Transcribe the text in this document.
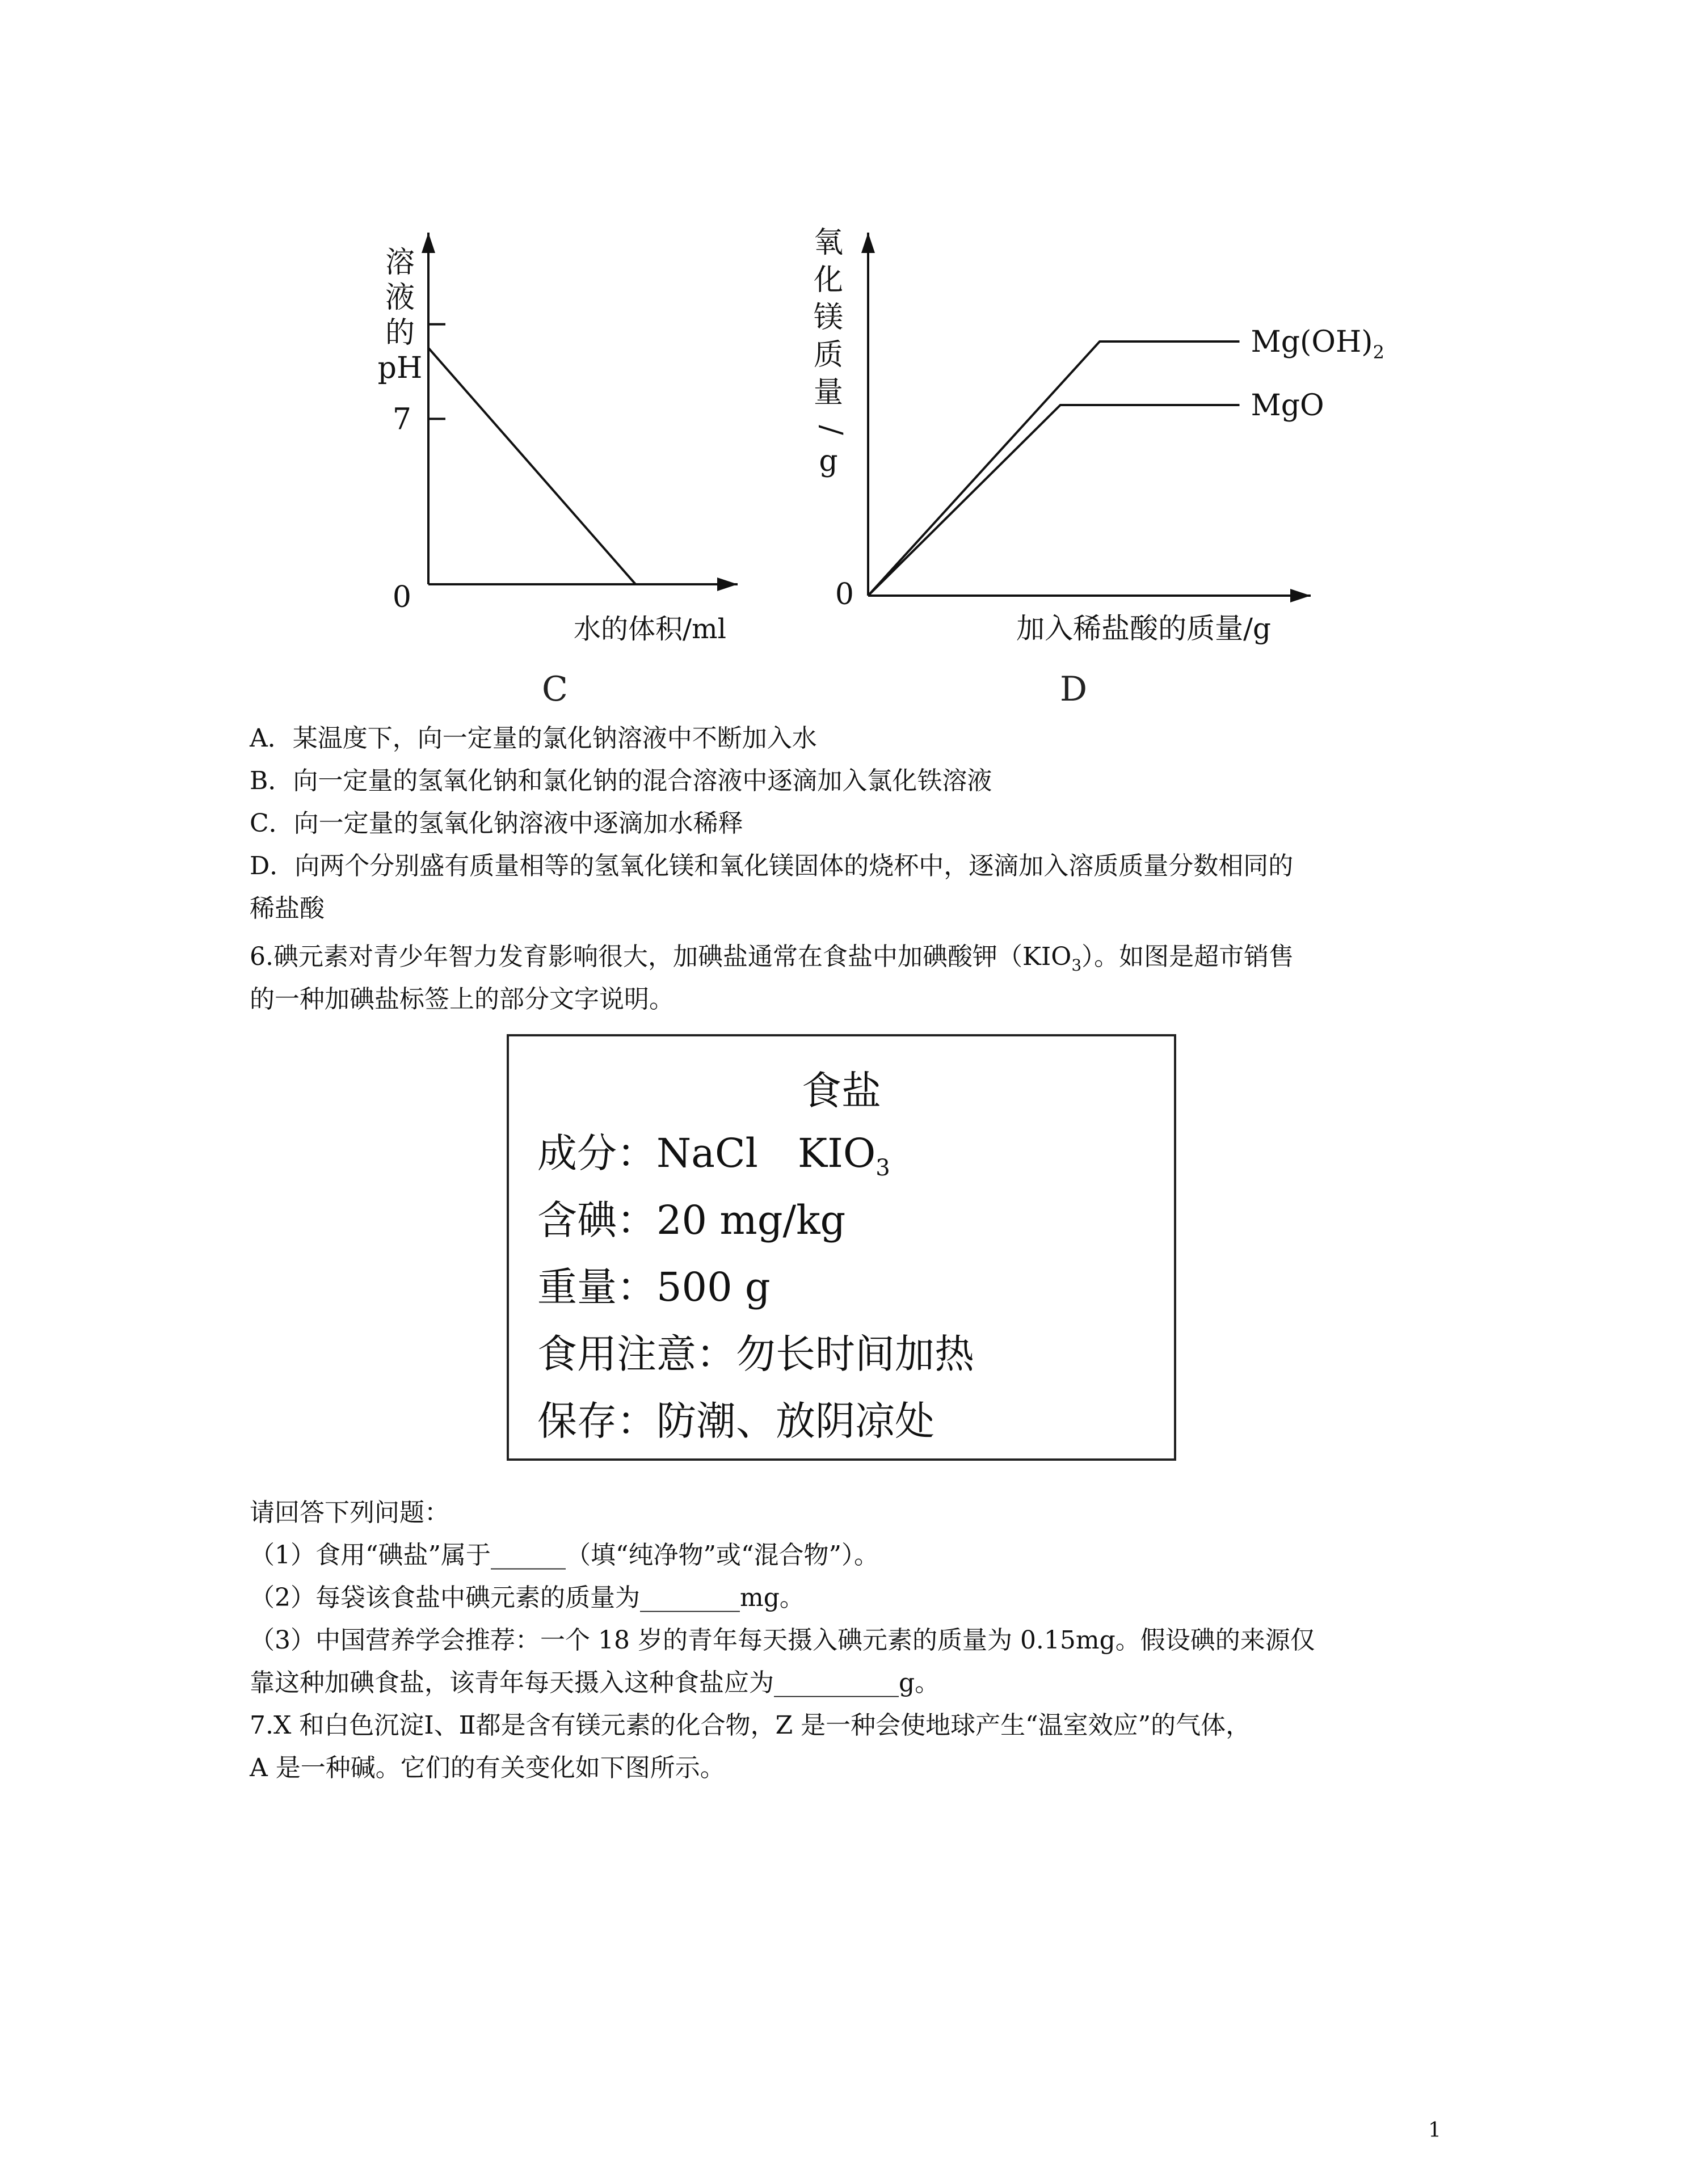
7
0
溶
液
的
pH
水的体积/ml
C
0
$Mg(OH)_2$
MgO
氧
化
镁
质
量
/
g
加入稀盐酸的质量/g
D
A．某温度下，向一定量的氯化钠溶液中不断加入水
B．向一定量的氢氧化钠和氯化钠的混合溶液中逐滴加入氯化铁溶液
C．向一定量的氢氧化钠溶液中逐滴加水稀释
D．向两个分别盛有质量相等的氢氧化镁和氧化镁固体的烧杯中，逐滴加入溶质质量分数相同的
稀盐酸
6.碘元素对青少年智力发育影响很大，加碘盐通常在食盐中加碘酸钾$(KIO_3)$。如图是超市销售
的一种加碘盐标签上的部分文字说明。
食盐
成分：NaCl　$KIO_3$
含碘：20 mg/kg
重量：500 g
食用注意：勿长时间加热
保存：防潮、放阴凉处
请回答下列问题：
（1）食用“碘盐”属于______（填“纯净物”或“混合物”）。
（2）每袋该食盐中碘元素的质量为________mg。
（3）中国营养学会推荐：一个 18 岁的青年每天摄入碘元素的质量为 0.15mg。假设碘的来源仅
靠这种加碘食盐，该青年每天摄入这种食盐应为__________g。
7.X 和白色沉淀Ⅰ、Ⅱ都是含有镁元素的化合物，Z 是一种会使地球产生“温室效应”的气体，
A 是一种碱。它们的有关变化如下图所示。
1
